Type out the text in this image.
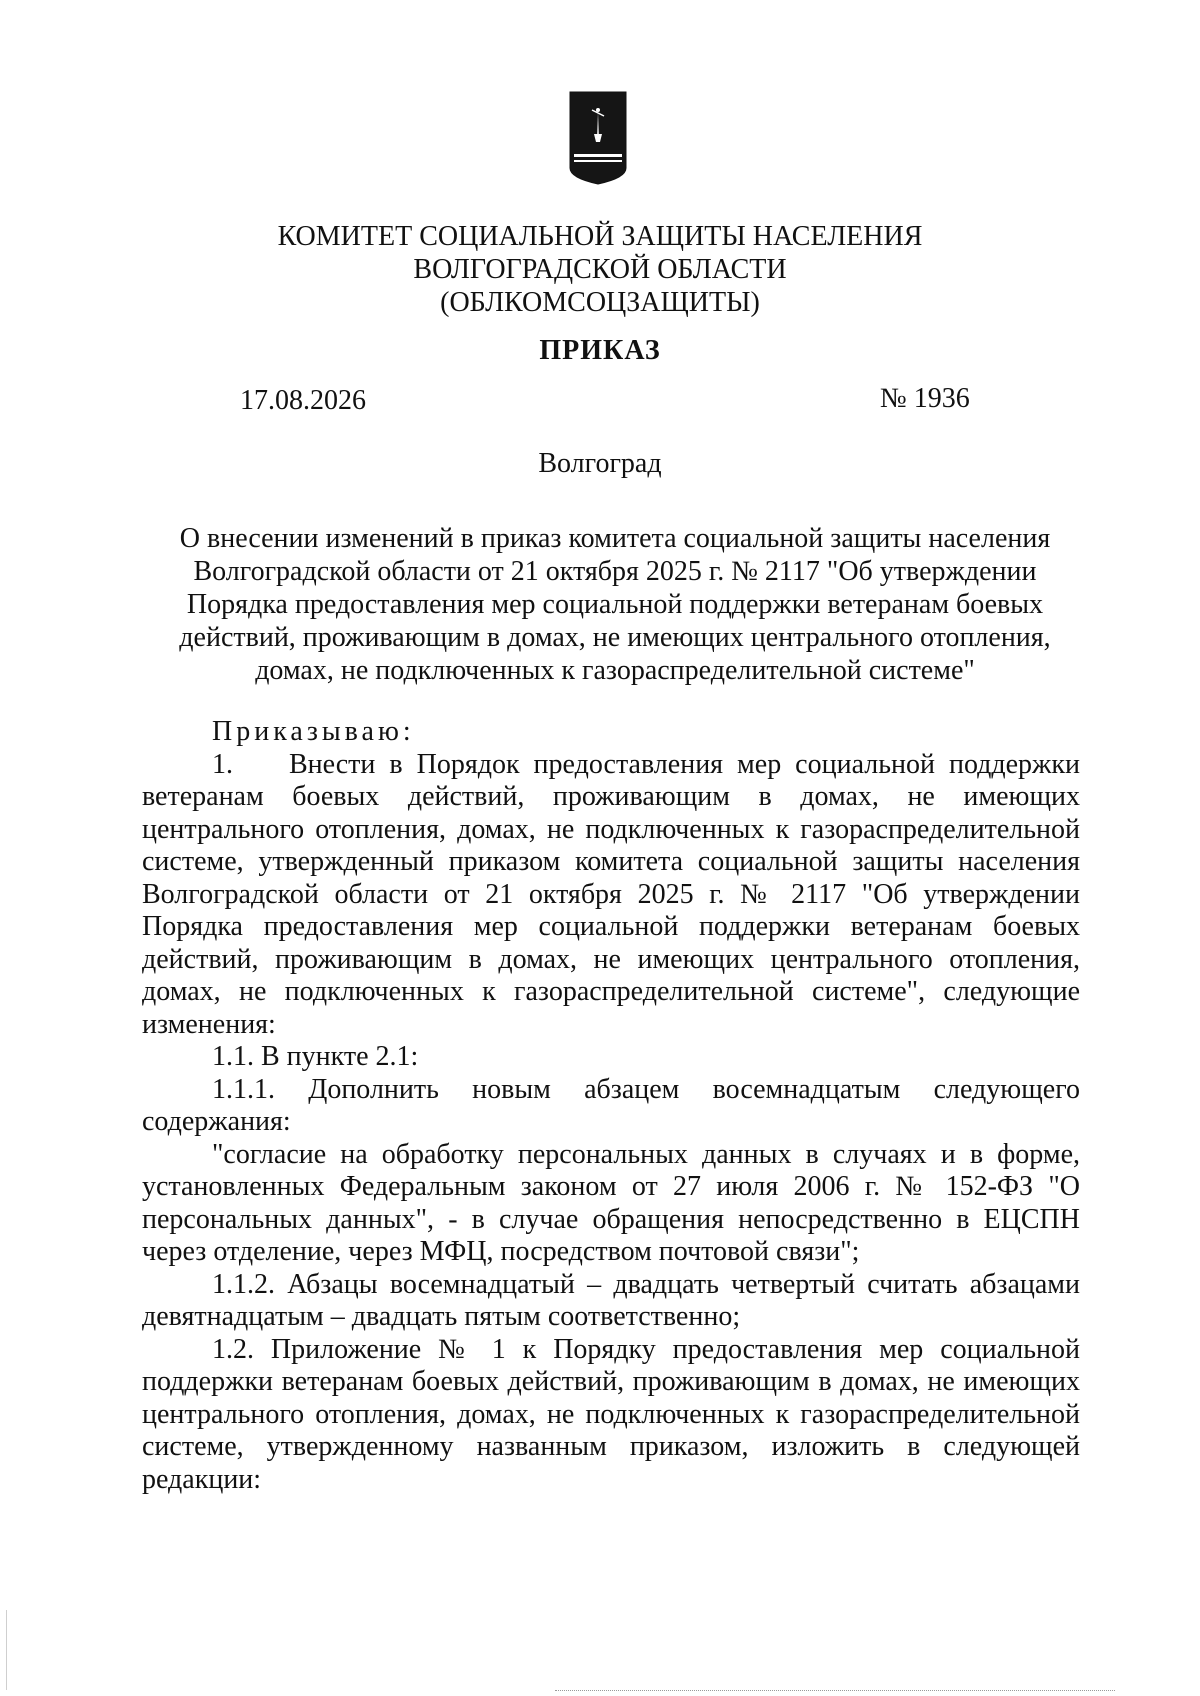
КОМИТЕТ СОЦИАЛЬНОЙ ЗАЩИТЫ НАСЕЛЕНИЯ
ВОЛГОГРАДСКОЙ ОБЛАСТИ
(ОБЛКОМСОЦЗАЩИТЫ)
ПРИКАЗ
17.08.2026	№ 1936
Волгоград
О внесении изменений в приказ комитета социальной защиты населения Волгоградской области от 21 октября 2025 г. № 2117 "Об утверждении Порядка предоставления мер социальной поддержки ветеранам боевых действий, проживающим в домах, не имеющих центрального отопления, домах, не подключенных к газораспределительной системе"

Приказываю:

1.    Внести в Порядок предоставления мер социальной поддержки ветеранам боевых действий, проживающим в домах, не имеющих центрального отопления, домах, не подключенных к газораспределительной системе, утвержденный приказом комитета социальной защиты населения Волгоградской области от 21 октября 2025 г. № 2117 "Об утверждении Порядка предоставления мер социальной поддержки ветеранам боевых действий, проживающим в домах, не имеющих центрального отопления, домах, не подключенных к газораспределительной системе", следующие изменения:

1.1. В пункте 2.1:

1.1.1. Дополнить новым абзацем восемнадцатым следующего содержания:

"согласие на обработку персональных данных в случаях и в форме, установленных Федеральным законом от 27 июля 2006 г. № 152-ФЗ "О персональных данных", - в случае обращения непосредственно в ЕЦСПН через отделение, через МФЦ, посредством почтовой связи";

1.1.2. Абзацы восемнадцатый – двадцать четвертый считать абзацами девятнадцатым – двадцать пятым соответственно;

1.2. Приложение № 1 к Порядку предоставления мер социальной поддержки ветеранам боевых действий, проживающим в домах, не имеющих центрального отопления, домах, не подключенных к газораспределительной системе, утвержденному названным приказом, изложить в следующей редакции:
